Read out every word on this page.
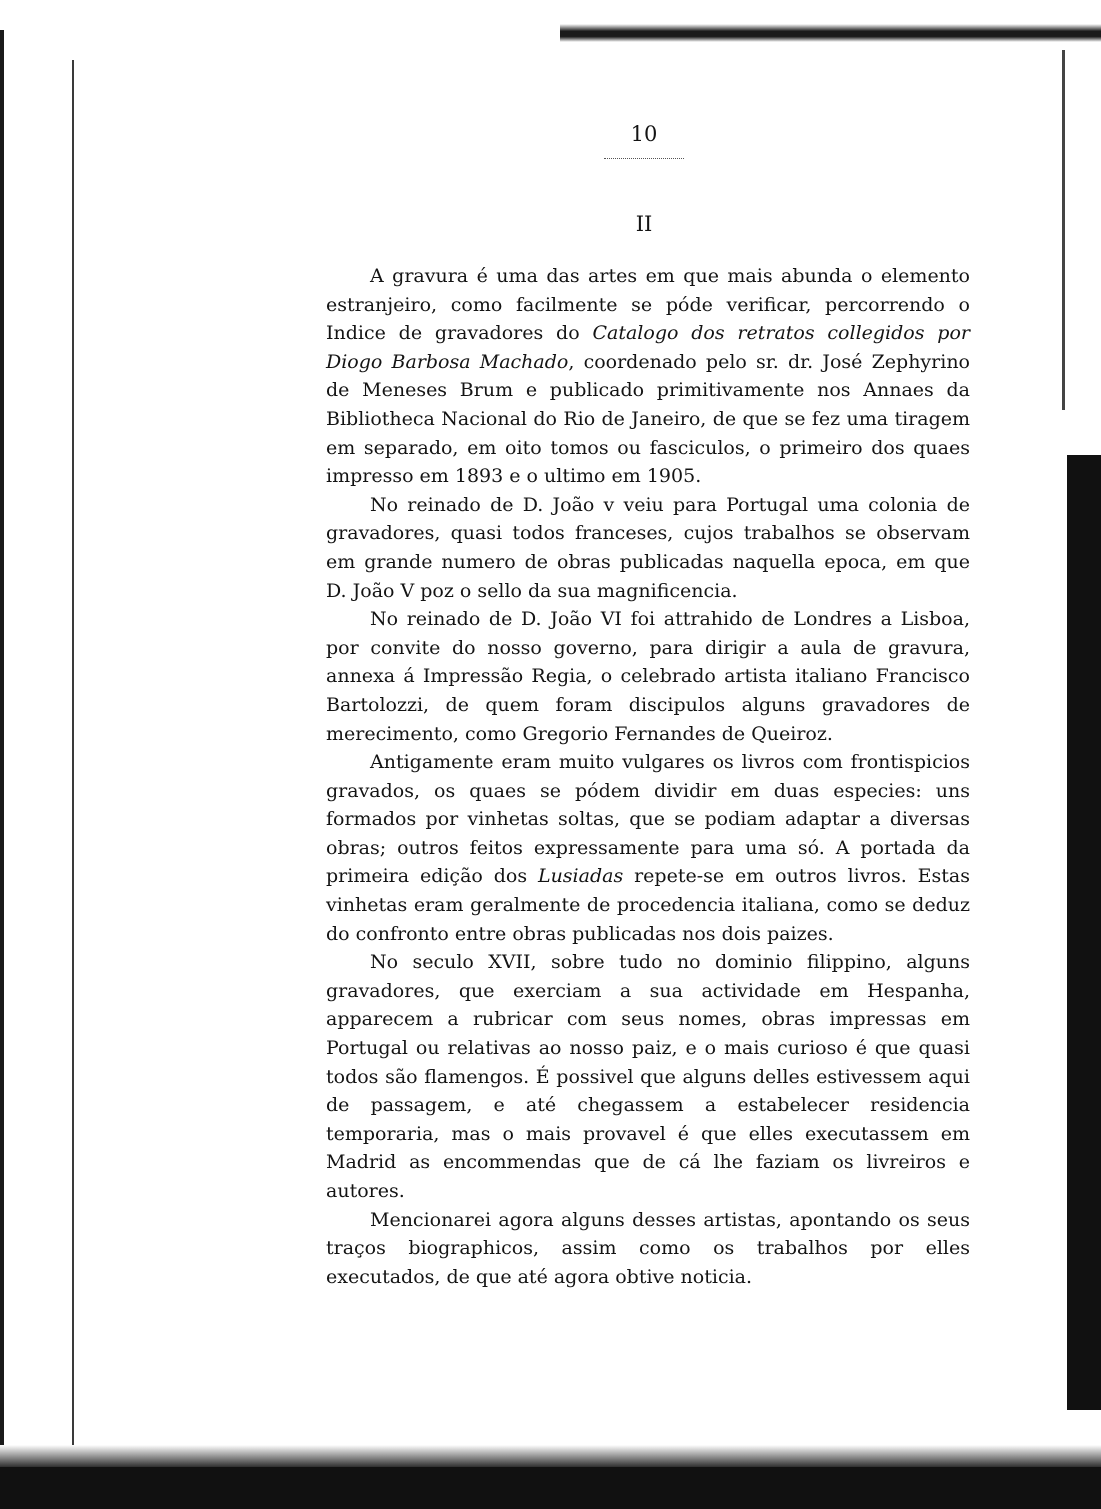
10
II

A gravura é uma das artes em que mais abunda o elemento estranjeiro, como facilmente se póde verificar, percorrendo o Indice de gravadores do Catalogo dos retratos collegidos por Diogo Barbosa Machado, coordenado pelo sr. dr. José Zephyrino de Meneses Brum e publicado primitivamente nos Annaes da Bibliotheca Nacional do Rio de Janeiro, de que se fez uma tiragem em separado, em oito tomos ou fasciculos, o primeiro dos quaes impresso em 1893 e o ultimo em 1905.

No reinado de D. João v veiu para Portugal uma colonia de gravadores, quasi todos franceses, cujos trabalhos se observam em grande numero de obras publicadas naquella epoca, em que D. João V poz o sello da sua magnificencia.

No reinado de D. João VI foi attrahido de Londres a Lisboa, por convite do nosso governo, para dirigir a aula de gravura, annexa á Impressão Regia, o celebrado artista italiano Francisco Bartolozzi, de quem foram discipulos alguns gravadores de merecimento, como Gregorio Fernandes de Queiroz.

Antigamente eram muito vulgares os livros com frontispicios gravados, os quaes se pódem dividir em duas especies: uns formados por vinhetas soltas, que se podiam adaptar a diversas obras; outros feitos expressamente para uma só. A portada da primeira edição dos Lusiadas repete-se em outros livros. Estas vinhetas eram geralmente de procedencia italiana, como se deduz do confronto entre obras publicadas nos dois paizes.

No seculo XVII, sobre tudo no dominio filippino, alguns gravadores, que exerciam a sua actividade em Hespanha, apparecem a rubricar com seus nomes, obras impressas em Portugal ou relativas ao nosso paiz, e o mais curioso é que quasi todos são flamengos. É possivel que alguns delles estivessem aqui de passagem, e até chegassem a estabelecer residencia temporaria, mas o mais provavel é que elles executassem em Madrid as encommendas que de cá lhe faziam os livreiros e autores.

Mencionarei agora alguns desses artistas, apontando os seus traços biographicos, assim como os trabalhos por elles executados, de que até agora obtive noticia.
